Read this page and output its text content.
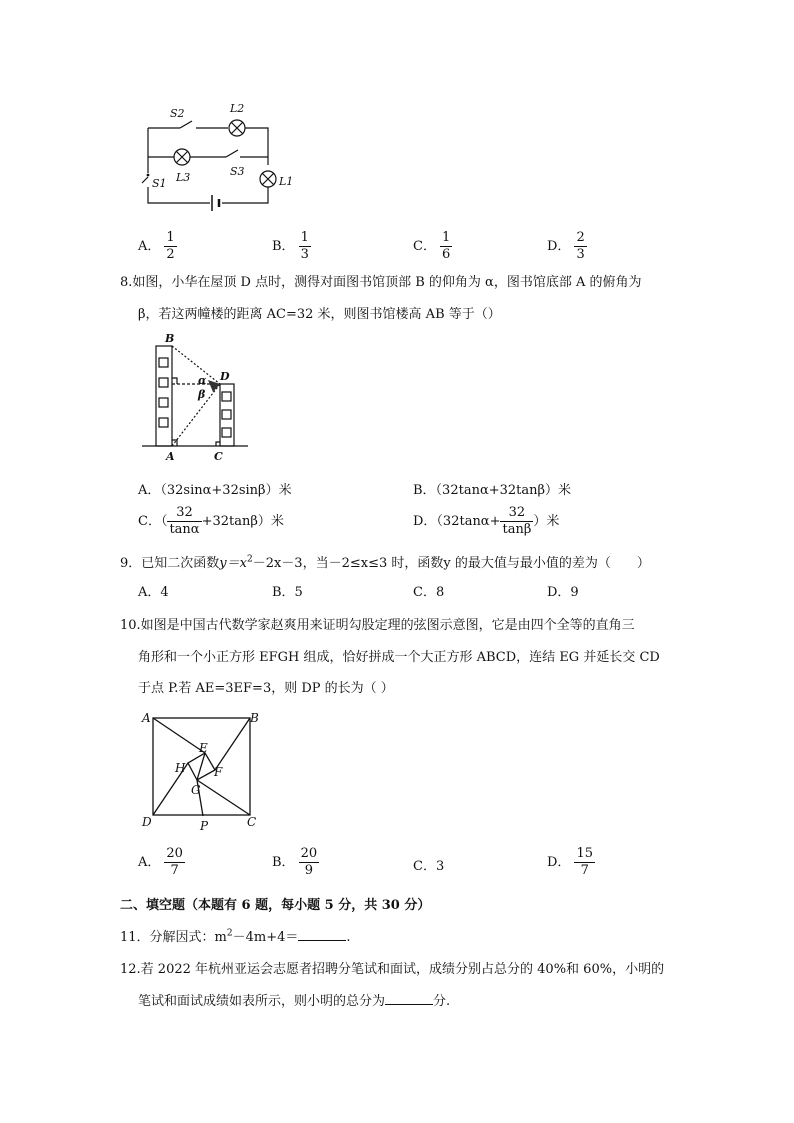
S2	L2
L3	S3
L1
S1
A． $\frac{1}{2}$	B． $\frac{1}{3}$	C． $\frac{1}{6}$	D． $\frac{2}{3}$
8.如图，小华在屋顶 D 点时，测得对面图书馆顶部 B 的仰角为 α，图书馆底部 A 的俯角为
β，若这两幢楼的距离 AC=32 米，则图书馆楼高 AB 等于（）
B
α D
β
A	C
A．（32sinα+32sinβ）米	B．（32tanα+32tanβ）米
C．（ $\frac{32}{\tan\alpha} +32\tan\beta$）米	D．（$32\tan\alpha+ \frac{32}{\tan\beta}$ ）米
9．已知二次函数$y=x^2-2x-3$，当－2≤x≤3 时，函数y 的最大值与最小值的差为（　　）
A．4	B．5	C．8	D．9
10.如图是中国古代数学家赵爽用来证明勾股定理的弦图示意图，它是由四个全等的直角三
角形和一个小正方形 EFGH 组成，恰好拼成一个大正方形 ABCD，连结 EG 并延长交 CD
于点 P.若 AE=3EF=3，则 DP 的长为（ ）
A	B
E
H F
G
D	P	C
A． $\frac{20}{7}$	B． $\frac{20}{9}$	C．3	D． $\frac{15}{7}$
二、填空题（本题有 6 题，每小题 5 分，共 30 分）
11．分解因式：$m^2-4m+4=$	.
12.若 2022 年杭州亚运会志愿者招聘分笔试和面试，成绩分别占总分的 40%和 60%，小明的
笔试和面试成绩如表所示，则小明的总分为	分.
